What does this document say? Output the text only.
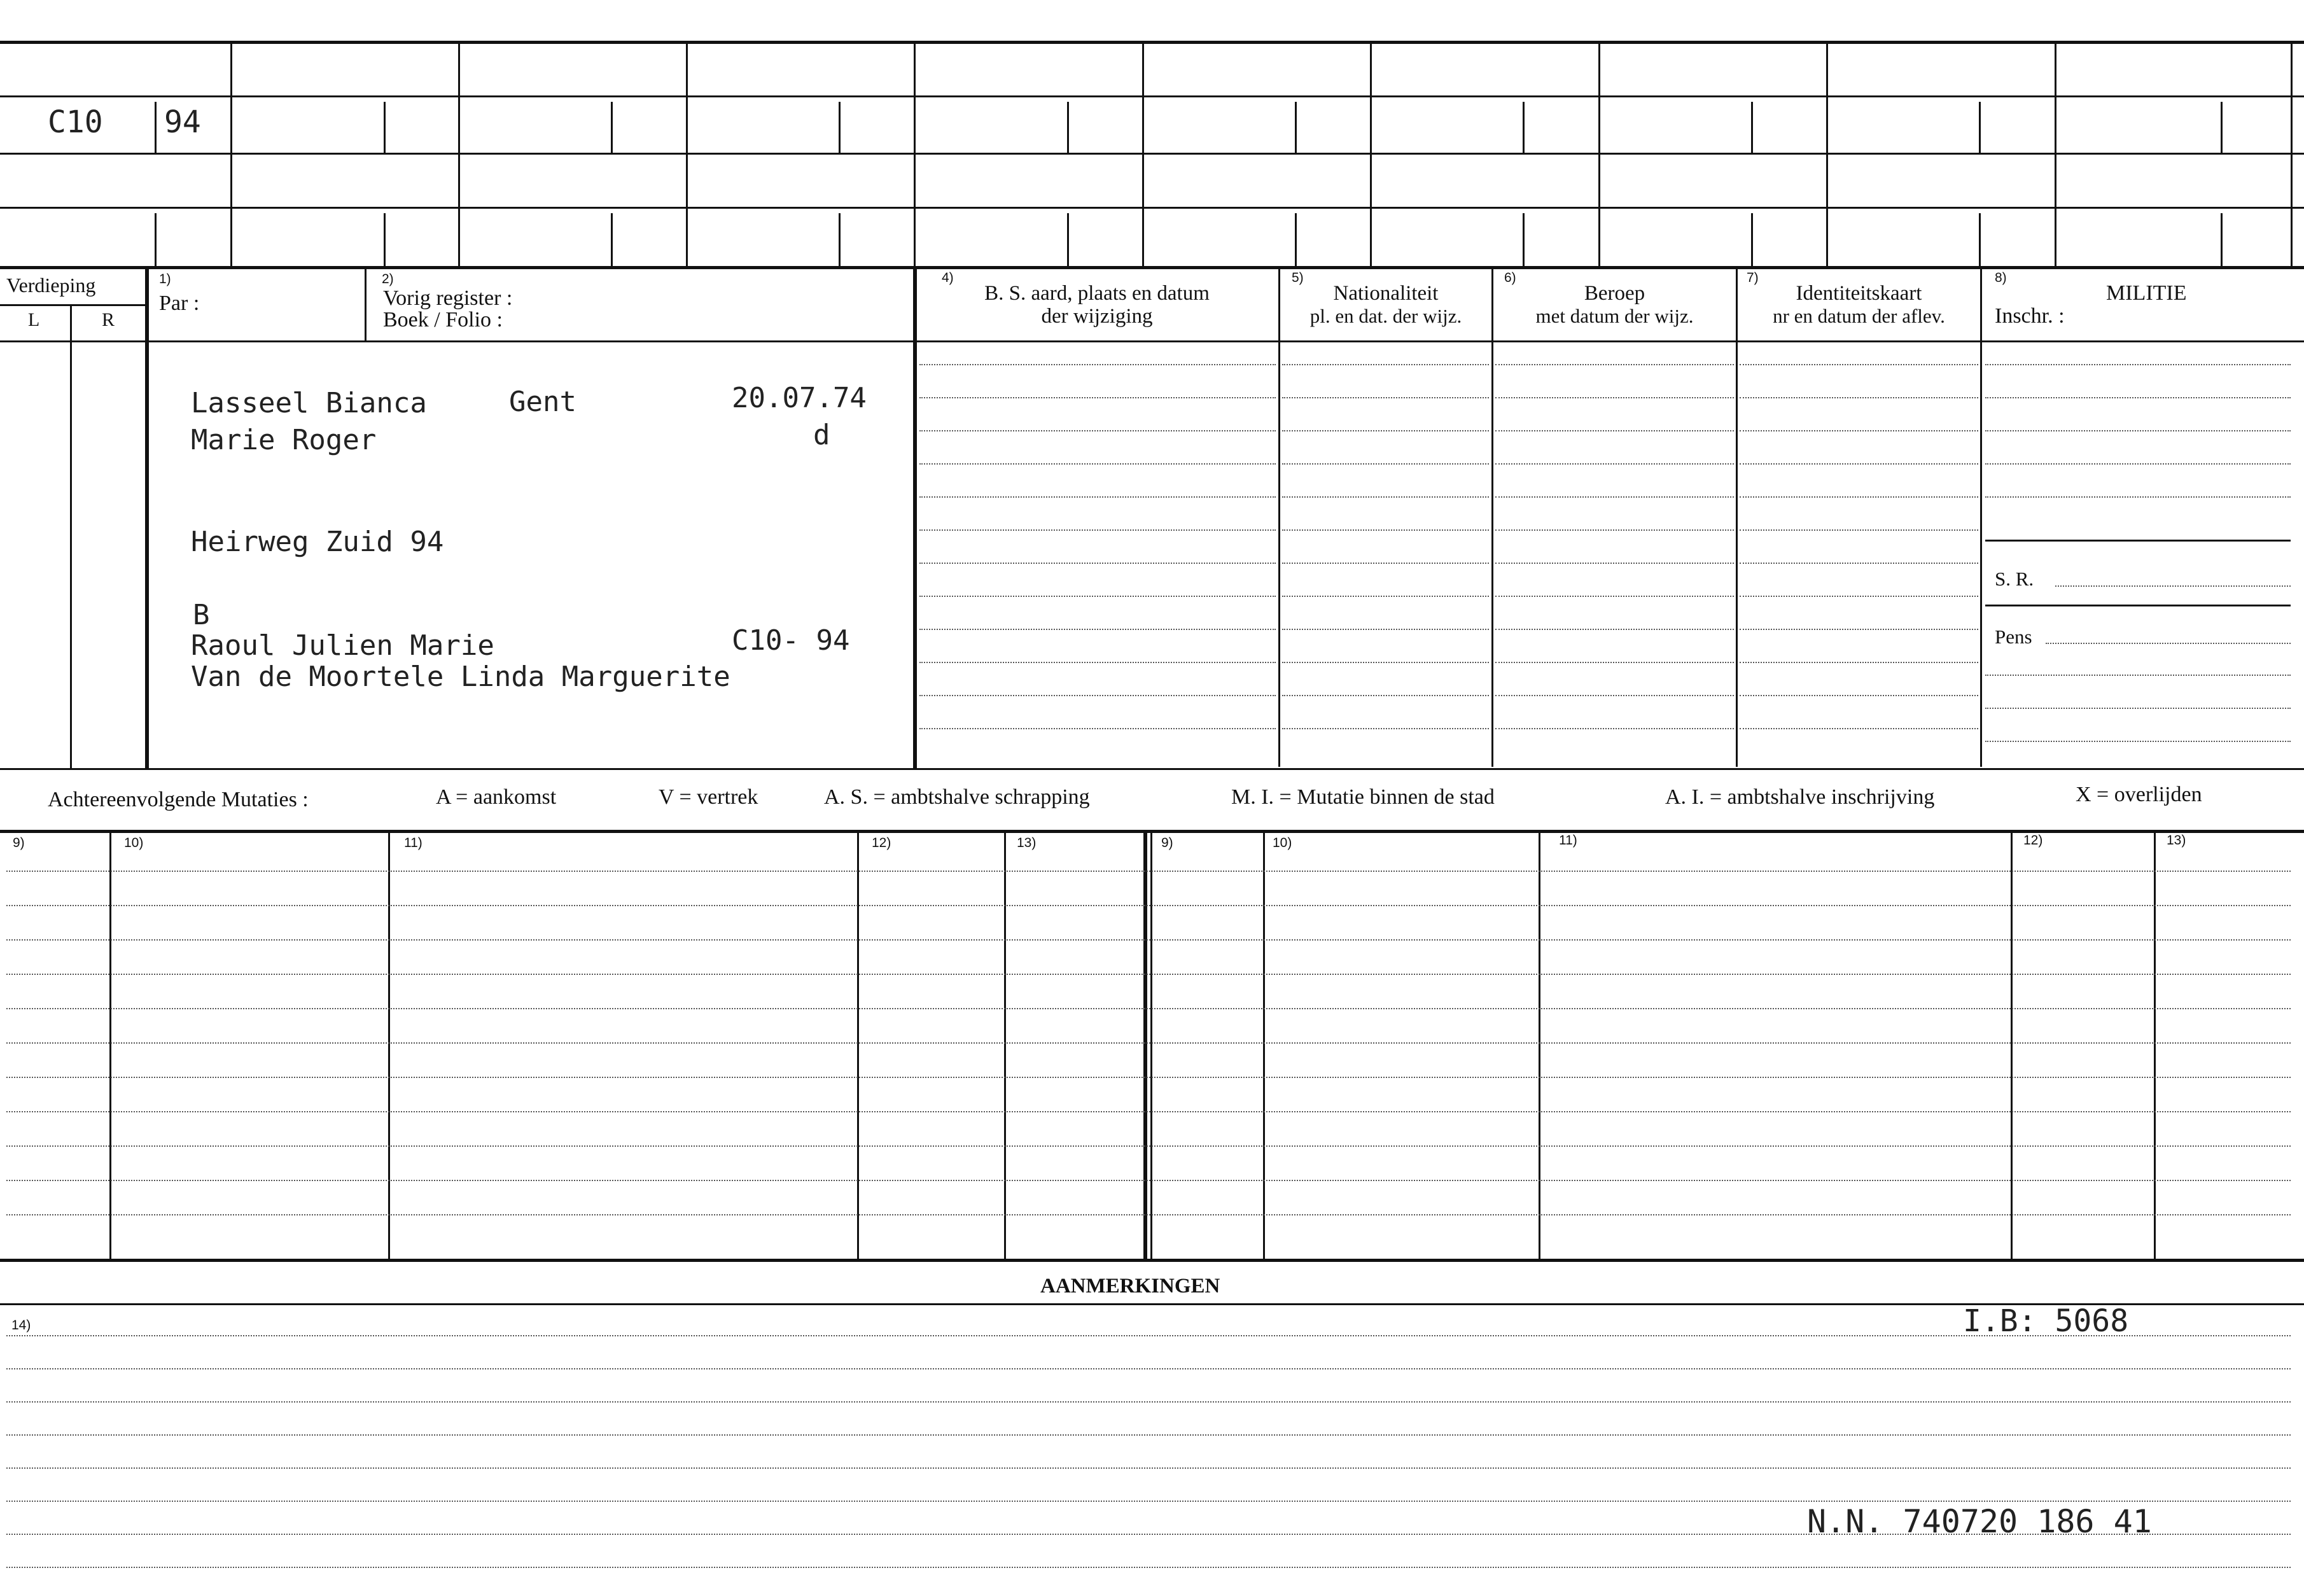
C10 94
Verdieping
L	R
1)
Par :
2)
Vorig register :
Boek / Folio :
4)
B. S. aard, plaats en datum
der wijziging
5)
Nationaliteit
pl. en dat. der wijz.
6)
Beroep
met datum der wijz.
7)
Identiteitskaart
nr en datum der aflev.
8)
MILITIE
Inschr. :
Lasseel Bianca
Marie Roger
Gent	20.07.74
d
Heirweg Zuid 94
B
Raoul Julien Marie
Van de Moortele Linda Marguerite
C10- 94
S. R.
Pens
Achtereenvolgende Mutaties :	A = aankomst	V = vertrek	A. S. = ambtshalve schrapping	M. I. = Mutatie binnen de stad	A. I. = ambtshalve inschrijving	X = overlijden
9)	10)	11)	12)	13)	9)	10)	11)	12)	13)
AANMERKINGEN
14)	I.B: 5068
N.N. 740720 186 41
